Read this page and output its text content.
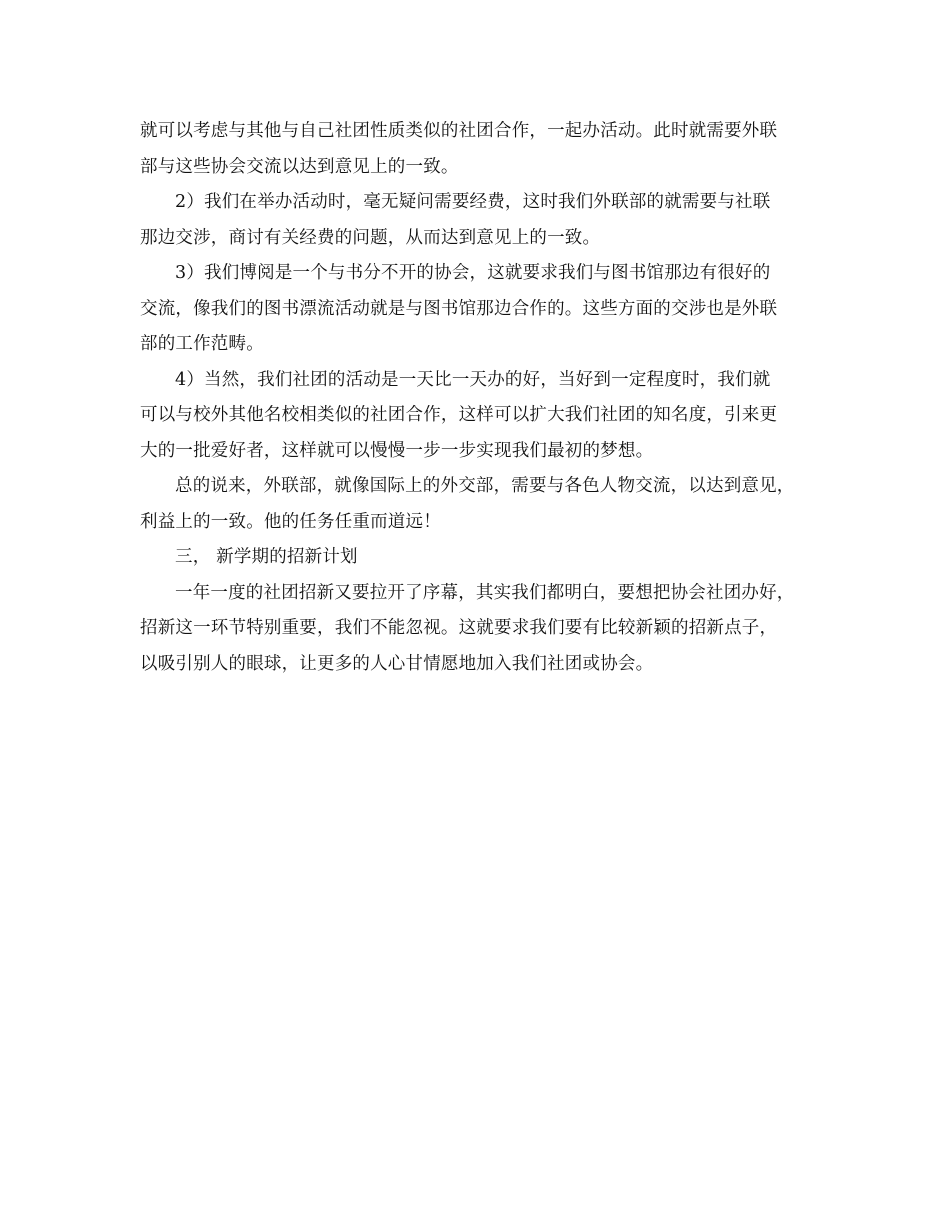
就可以考虑与其他与自己社团性质类似的社团合作，一起办活动。此时就需要外联
部与这些协会交流以达到意见上的一致。
2）我们在举办活动时，毫无疑问需要经费，这时我们外联部的就需要与社联
那边交涉，商讨有关经费的问题，从而达到意见上的一致。
3）我们博阅是一个与书分不开的协会，这就要求我们与图书馆那边有很好的
交流，像我们的图书漂流活动就是与图书馆那边合作的。这些方面的交涉也是外联
部的工作范畴。
4）当然，我们社团的活动是一天比一天办的好，当好到一定程度时，我们就
可以与校外其他名校相类似的社团合作，这样可以扩大我们社团的知名度，引来更
大的一批爱好者，这样就可以慢慢一步一步实现我们最初的梦想。
总的说来，外联部，就像国际上的外交部，需要与各色人物交流，以达到意见，
利益上的一致。他的任务任重而道远！
三， 新学期的招新计划
一年一度的社团招新又要拉开了序幕，其实我们都明白，要想把协会社团办好，
招新这一环节特别重要，我们不能忽视。这就要求我们要有比较新颖的招新点子，
以吸引别人的眼球，让更多的人心甘情愿地加入我们社团或协会。
